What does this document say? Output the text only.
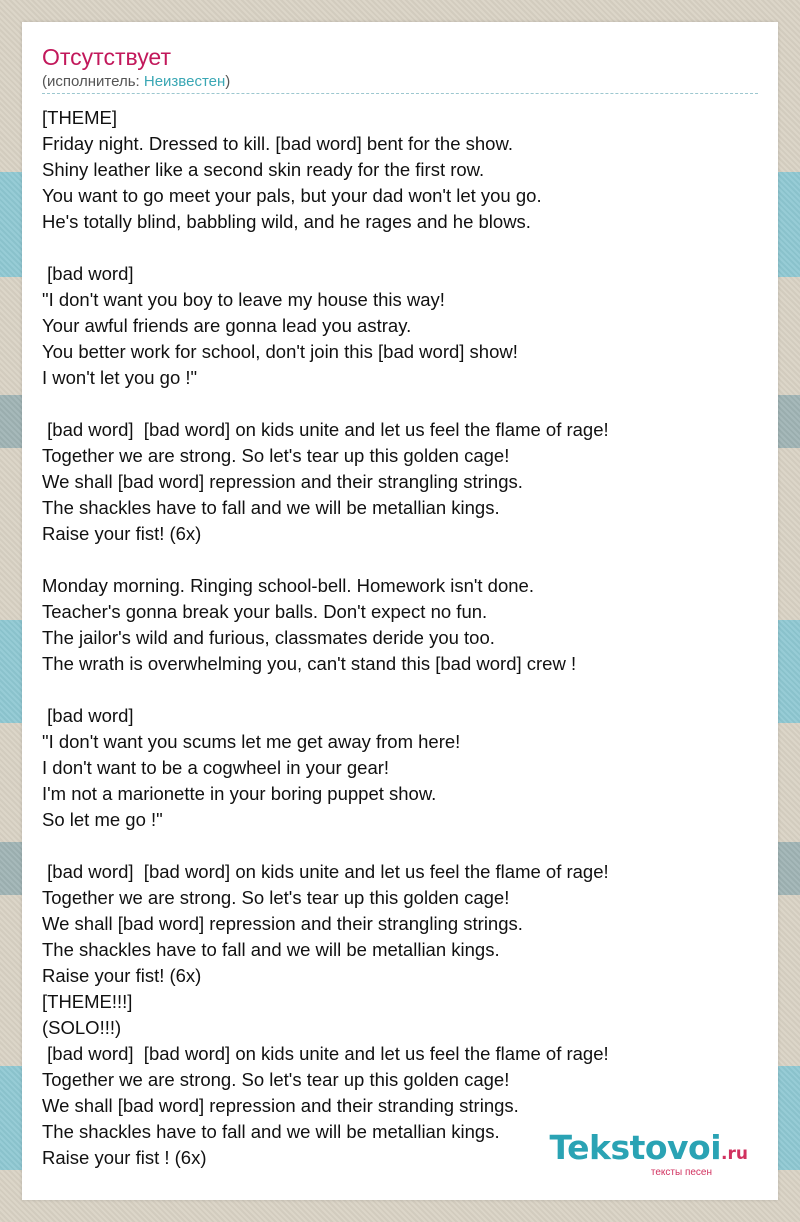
Отсутствует
(исполнитель: Неизвестен)
[THEME]
Friday night. Dressed to kill. [bad word] bent for the show.
Shiny leather like a second skin ready for the first row.
You want to go meet your pals, but your dad won't let you go.
He's totally blind, babbling wild, and he rages and he blows.
[bad word]
"I don't want you boy to leave my house this way!
Your awful friends are gonna lead you astray.
You better work for school, don't join this [bad word] show!
I won't let you go !"
[bad word]  [bad word] on kids unite and let us feel the flame of rage!
Together we are strong. So let's tear up this golden cage!
We shall [bad word] repression and their strangling strings.
The shackles have to fall and we will be metallian kings.
Raise your fist! (6x)
Monday morning. Ringing school-bell. Homework isn't done.
Teacher's gonna break your balls. Don't expect no fun.
The jailor's wild and furious, classmates deride you too.
The wrath is overwhelming you, can't stand this [bad word] crew !
[bad word]
"I don't want you scums let me get away from here!
I don't want to be a cogwheel in your gear!
I'm not a marionette in your boring puppet show.
So let me go !"
[bad word]  [bad word] on kids unite and let us feel the flame of rage!
Together we are strong. So let's tear up this golden cage!
We shall [bad word] repression and their strangling strings.
The shackles have to fall and we will be metallian kings.
Raise your fist! (6x)
[THEME!!!]
(SOLO!!!)
[bad word]  [bad word] on kids unite and let us feel the flame of rage!
Together we are strong. So let's tear up this golden cage!
We shall [bad word] repression and their stranding strings.
The shackles have to fall and we will be metallian kings.
Raise your fist ! (6x)	Tekstovoi.ru
тексты песен
